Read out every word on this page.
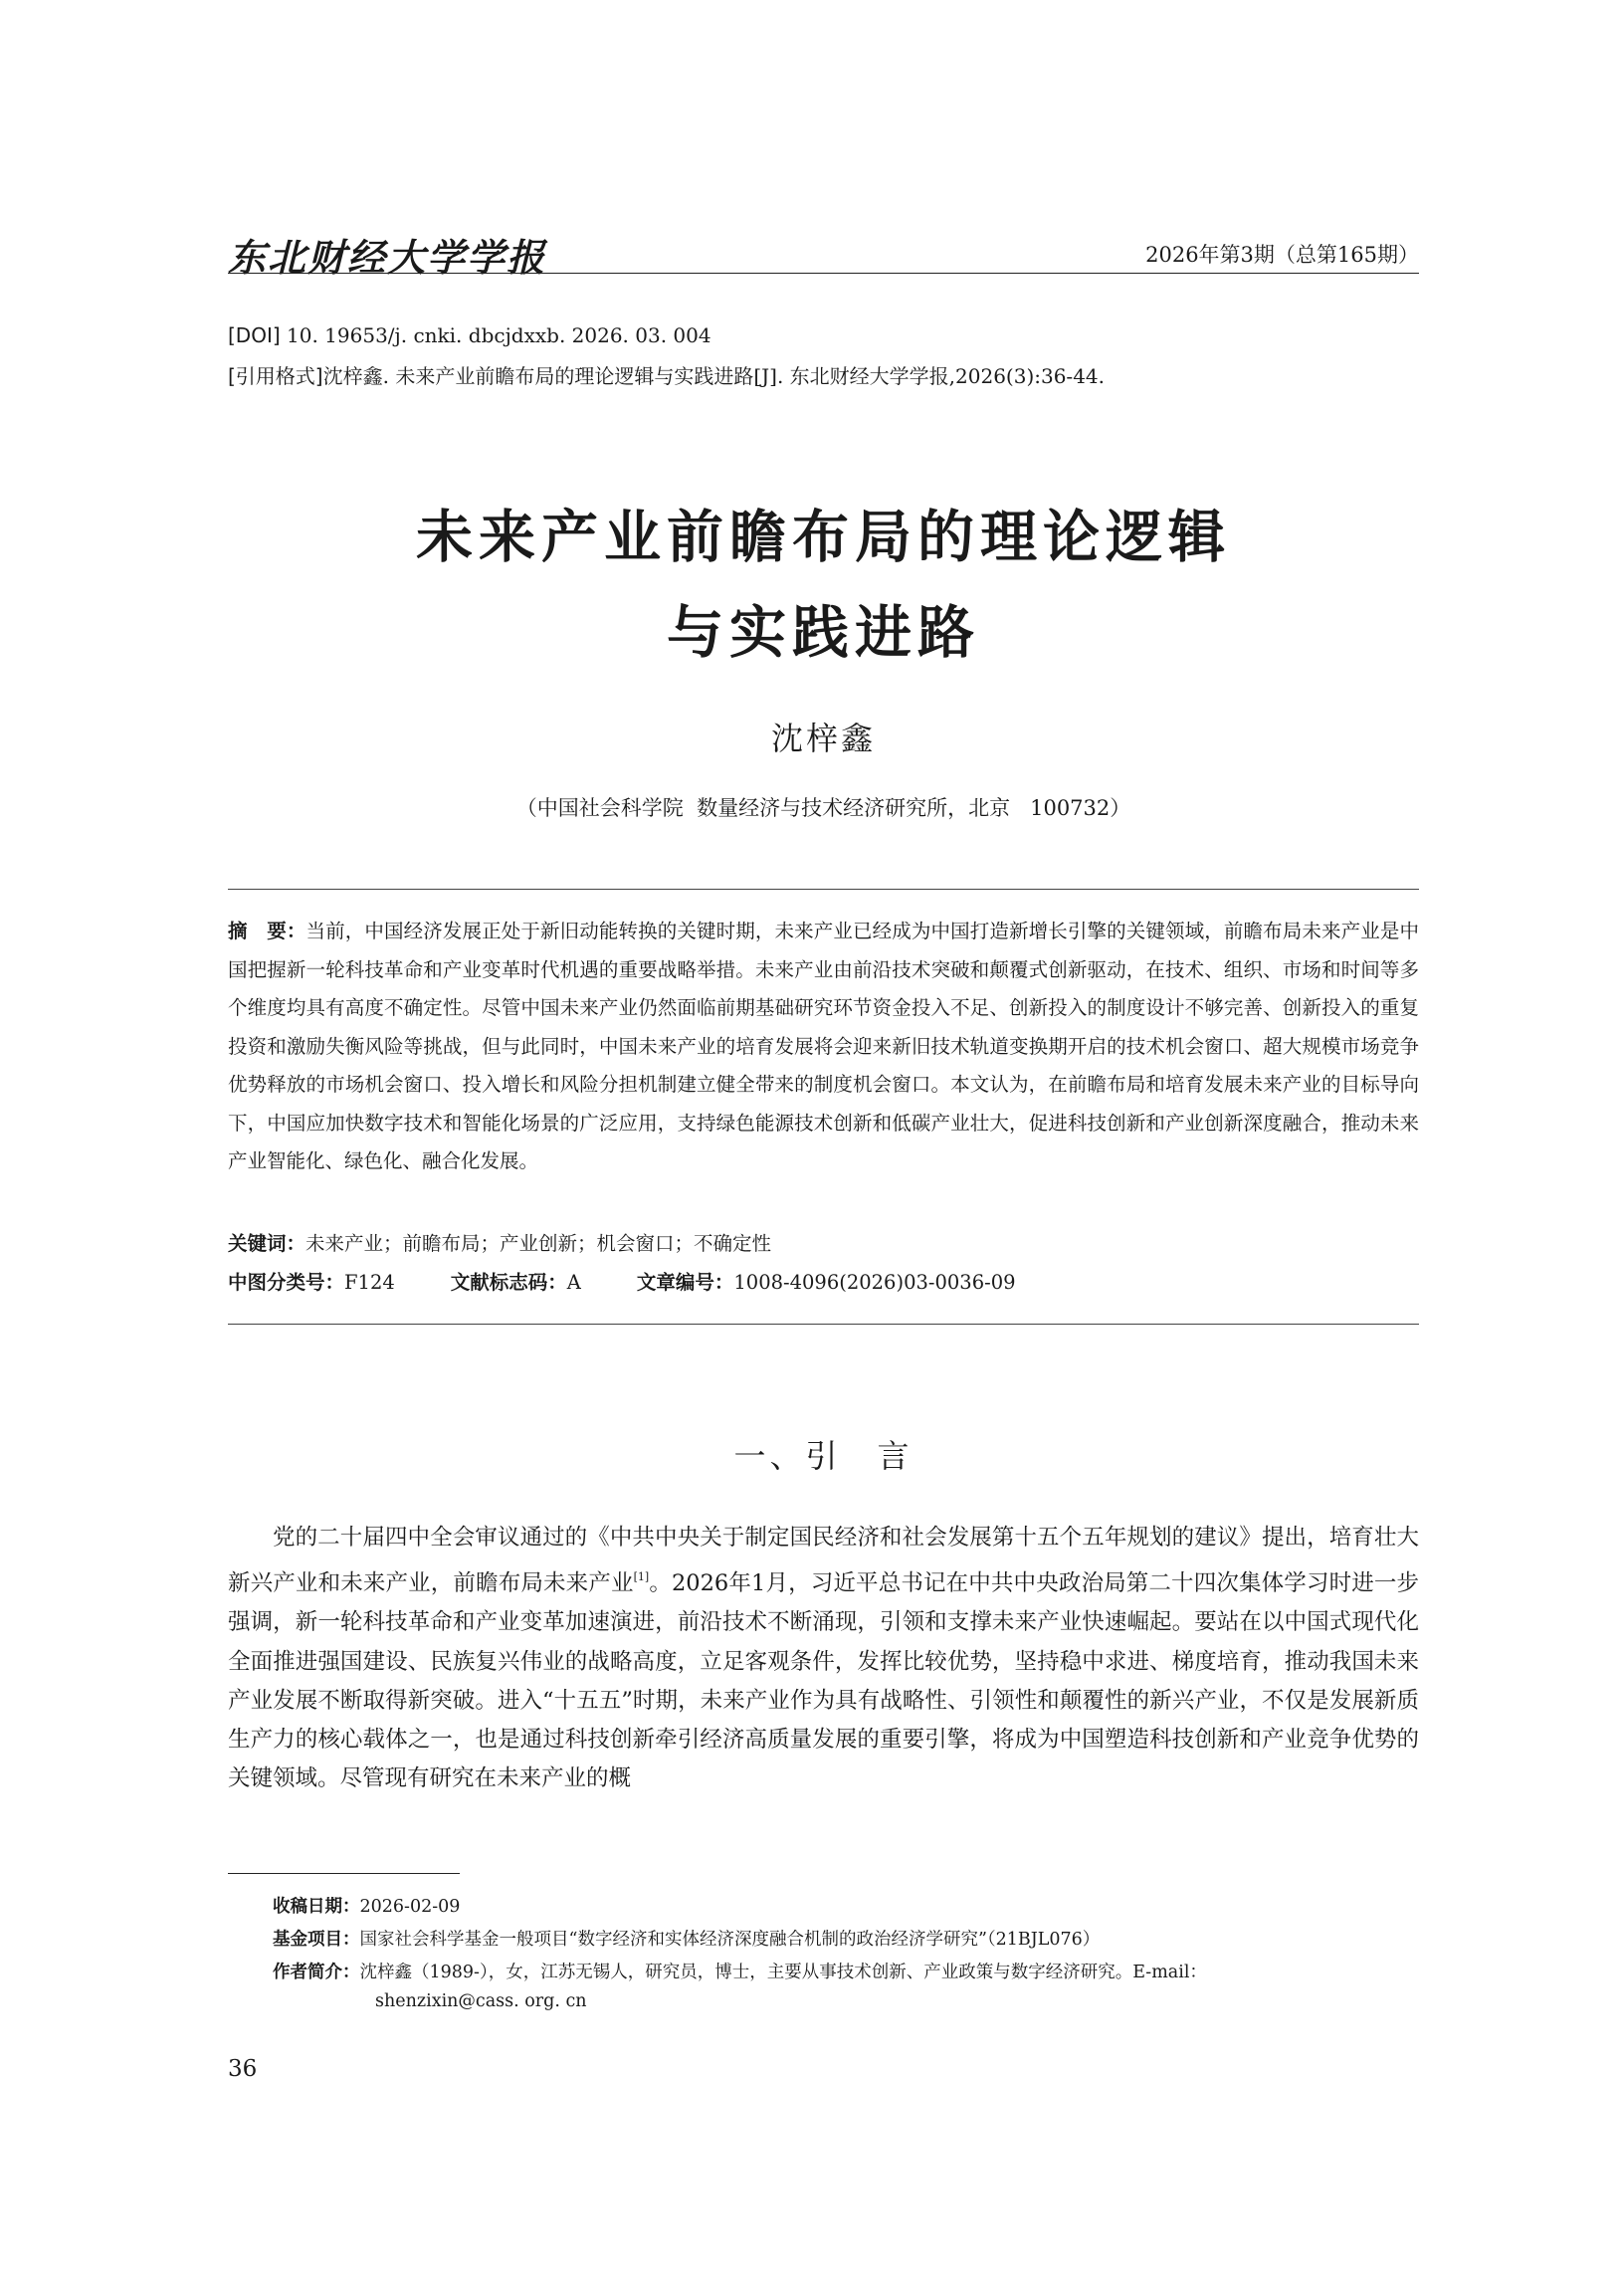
东北财经大学学报	2026年第3期（总第165期）
[DOI] 10. 19653/j. cnki. dbcjdxxb. 2026. 03. 004
[引用格式]沈梓鑫. 未来产业前瞻布局的理论逻辑与实践进路[J]. 东北财经大学学报,2026(3):36-44.
未来产业前瞻布局的理论逻辑
与实践进路
沈梓鑫
（中国社会科学院  数量经济与技术经济研究所，北京   100732）
摘　要：当前，中国经济发展正处于新旧动能转换的关键时期，未来产业已经成为中国打造新增长引擎的关键领域，前瞻布局未来产业是中国把握新一轮科技革命和产业变革时代机遇的重要战略举措。未来产业由前沿技术突破和颠覆式创新驱动，在技术、组织、市场和时间等多个维度均具有高度不确定性。尽管中国未来产业仍然面临前期基础研究环节资金投入不足、创新投入的制度设计不够完善、创新投入的重复投资和激励失衡风险等挑战，但与此同时，中国未来产业的培育发展将会迎来新旧技术轨道变换期开启的技术机会窗口、超大规模市场竞争优势释放的市场机会窗口、投入增长和风险分担机制建立健全带来的制度机会窗口。本文认为，在前瞻布局和培育发展未来产业的目标导向下，中国应加快数字技术和智能化场景的广泛应用，支持绿色能源技术创新和低碳产业壮大，促进科技创新和产业创新深度融合，推动未来产业智能化、绿色化、融合化发展。
关键词：未来产业；前瞻布局；产业创新；机会窗口；不确定性
中图分类号：F124	文献标志码：A	文章编号：1008-4096(2026)03-0036-09
一、引　言
党的二十届四中全会审议通过的《中共中央关于制定国民经济和社会发展第十五个五年规划的建议》提出，培育壮大新兴产业和未来产业，前瞻布局未来产业[1]。2026年1月，习近平总书记在中共中央政治局第二十四次集体学习时进一步强调，新一轮科技革命和产业变革加速演进，前沿技术不断涌现，引领和支撑未来产业快速崛起。要站在以中国式现代化全面推进强国建设、民族复兴伟业的战略高度，立足客观条件，发挥比较优势，坚持稳中求进、梯度培育，推动我国未来产业发展不断取得新突破。进入“十五五”时期，未来产业作为具有战略性、引领性和颠覆性的新兴产业，不仅是发展新质生产力的核心载体之一，也是通过科技创新牵引经济高质量发展的重要引擎，将成为中国塑造科技创新和产业竞争优势的关键领域。尽管现有研究在未来产业的概
收稿日期：2026-02-09
基金项目：国家社会科学基金一般项目“数字经济和实体经济深度融合机制的政治经济学研究”（21BJL076）
作者简介：沈梓鑫（1989-），女，江苏无锡人，研究员，博士，主要从事技术创新、产业政策与数字经济研究。E-mail：
shenzixin@cass. org. cn
36
